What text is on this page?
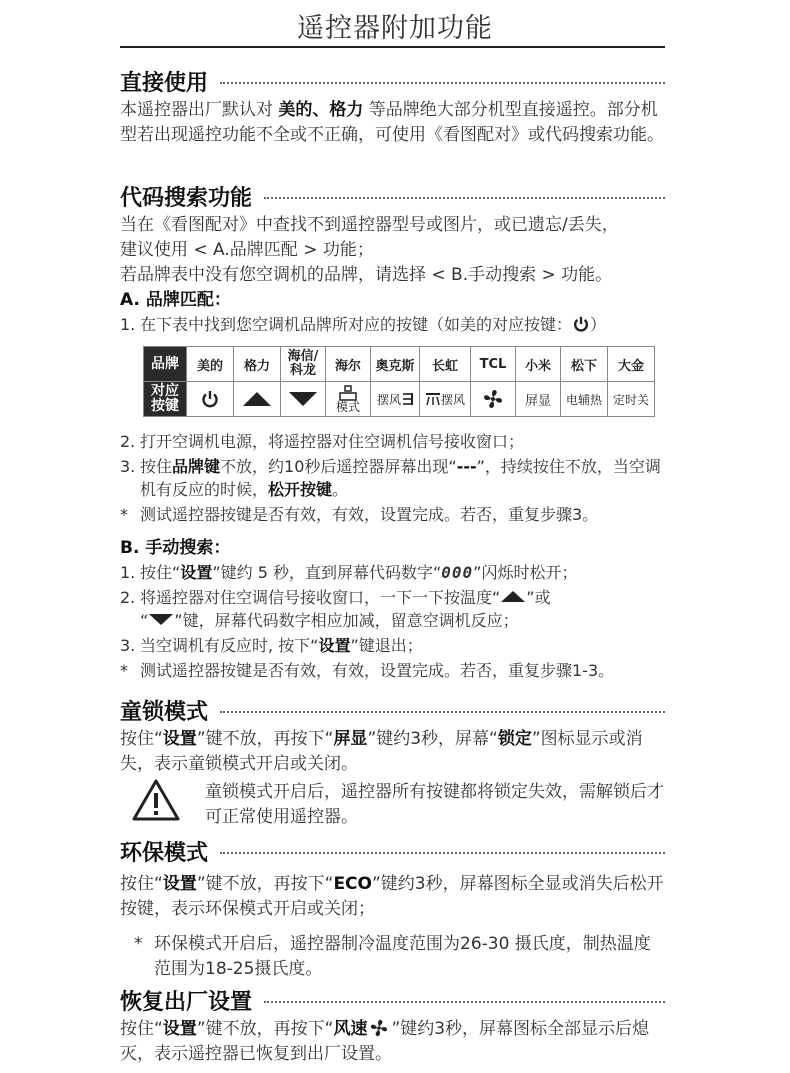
遥控器附加功能
直接使用
本遥控器出厂默认对 美的、格力 等品牌绝大部分机型直接遥控。部分机型若出现遥控功能不全或不正确，可使用《看图配对》或代码搜索功能。
代码搜索功能
当在《看图配对》中查找不到遥控器型号或图片，或已遗忘/丢失，
建议使用 < A.品牌匹配 > 功能；
若品牌表中没有您空调机的品牌，请选择 < B.手动搜索 > 功能。
A. 品牌匹配：
1. 在下表中找到您空调机品牌所对应的按键（如美的对应按键： ）
品牌	美的	格力	海信/
科龙	海尔	奥克斯	长虹	TCL	小米	松下	大金

对应
按键				模式	摆风	摆风		屏显	电辅热	定时关
2. 打开空调机电源，将遥控器对住空调机信号接收窗口；
3. 按住品牌键不放，约10秒后遥控器屏幕出现“---”，持续按住不放，当空调机有反应的时候，松开按键。
* 测试遥控器按键是否有效，有效，设置完成。若否，重复步骤3。
B. 手动搜索：
1. 按住“设置”键约 5 秒，直到屏幕代码数字“000”闪烁时松开；
2. 将遥控器对住空调信号接收窗口，一下一下按温度“ ”或
“ ”键，屏幕代码数字相应加减，留意空调机反应；
3. 当空调机有反应时, 按下“设置”键退出；
* 测试遥控器按键是否有效，有效，设置完成。若否，重复步骤1-3。
童锁模式
按住“设置”键不放，再按下“屏显”键约3秒，屏幕“锁定”图标显示或消失，表示童锁模式开启或关闭。
童锁模式开启后，遥控器所有按键都将锁定失效，需解锁后才可正常使用遥控器。
环保模式
按住“设置”键不放，再按下“ECO”键约3秒，屏幕图标全显或消失后松开按键，表示环保模式开启或关闭；
* 环保模式开启后，遥控器制冷温度范围为26-30 摄氏度，制热温度范围为18-25摄氏度。
恢复出厂设置
按住“设置”键不放，再按下“风速 ”键约3秒，屏幕图标全部显示后熄灭，表示遥控器已恢复到出厂设置。
